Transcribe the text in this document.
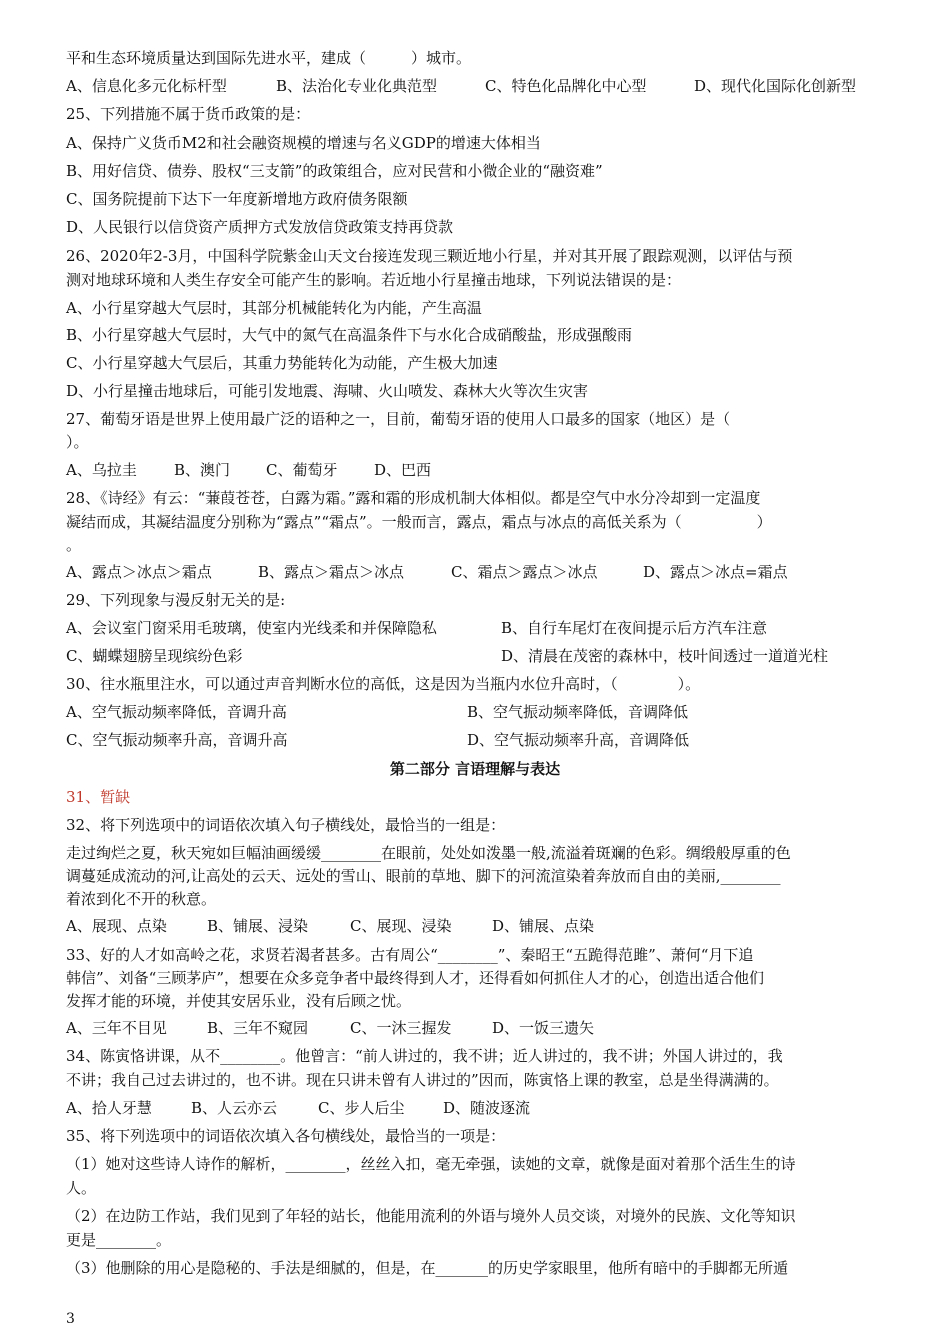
平和生态环境质量达到国际先进水平，建成（　　　）城市。
A、信息化多元化标杆型	B、法治化专业化典范型	C、特色化品牌化中心型	D、现代化国际化创新型
25、下列措施不属于货币政策的是：
A、保持广义货币M2和社会融资规模的增速与名义GDP的增速大体相当
B、用好信贷、债券、股权“三支箭”的政策组合，应对民营和小微企业的“融资难”
C、国务院提前下达下一年度新增地方政府债务限额
D、人民银行以信贷资产质押方式发放信贷政策支持再贷款
26、2020年2-3月，中国科学院紫金山天文台接连发现三颗近地小行星，并对其开展了跟踪观测，以评估与预
测对地球环境和人类生存安全可能产生的影响。若近地小行星撞击地球，下列说法错误的是：
A、小行星穿越大气层时，其部分机械能转化为内能，产生高温
B、小行星穿越大气层时，大气中的氮气在高温条件下与水化合成硝酸盐，形成强酸雨
C、小行星穿越大气层后，其重力势能转化为动能，产生极大加速
D、小行星撞击地球后，可能引发地震、海啸、火山喷发、森林大火等次生灾害
27、葡萄牙语是世界上使用最广泛的语种之一，目前，葡萄牙语的使用人口最多的国家（地区）是（
）。
A、乌拉圭 B、澳门 C、葡萄牙 D、巴西
28、《诗经》有云：“蒹葭苍苍，白露为霜。”露和霜的形成机制大体相似。都是空气中水分冷却到一定温度
凝结而成，其凝结温度分别称为“露点”“霜点”。一般而言，露点，霜点与冰点的高低关系为（　　　　　）
。
A、露点＞冰点＞霜点	B、露点＞霜点＞冰点	C、霜点＞露点＞冰点	D、露点＞冰点=霜点
29、下列现象与漫反射无关的是:
A、会议室门窗采用毛玻璃，使室内光线柔和并保障隐私	B、自行车尾灯在夜间提示后方汽车注意
C、蝴蝶翅膀呈现缤纷色彩	D、清晨在茂密的森林中，枝叶间透过一道道光柱
30、往水瓶里注水，可以通过声音判断水位的高低，这是因为当瓶内水位升高时，（　　　　）。
A、空气振动频率降低，音调升高	B、空气振动频率降低，音调降低
C、空气振动频率升高，音调升高	D、空气振动频率升高，音调降低
第二部分 言语理解与表达
31、暂缺
32、将下列选项中的词语依次填入句子横线处，最恰当的一组是：
走过绚烂之夏，秋天宛如巨幅油画缓缓________在眼前，处处如泼墨一般,流溢着斑斓的色彩。绸缎般厚重的色
调蔓延成流动的河,让高处的云天、远处的雪山、眼前的草地、脚下的河流渲染着奔放而自由的美丽,________
着浓到化不开的秋意。
A、展现、点染	B、铺展、浸染	C、展现、浸染	D、铺展、点染
33、好的人才如高岭之花，求贤若渴者甚多。古有周公“________”、秦昭王“五跪得范雎”、萧何“月下追
韩信”、刘备“三顾茅庐”，想要在众多竞争者中最终得到人才，还得看如何抓住人才的心，创造出适合他们
发挥才能的环境，并使其安居乐业，没有后顾之忧。
A、三年不目见	B、三年不窥园	C、一沐三握发	D、一饭三遗矢
34、陈寅恪讲课，从不________。他曾言：“前人讲过的，我不讲；近人讲过的，我不讲；外国人讲过的，我
不讲；我自己过去讲过的，也不讲。现在只讲未曾有人讲过的”因而，陈寅恪上课的教室，总是坐得满满的。
A、拾人牙慧	B、人云亦云	C、步人后尘	D、随波逐流
35、将下列选项中的词语依次填入各句横线处，最恰当的一项是：
（1）她对这些诗人诗作的解析，________，丝丝入扣，毫无牵强，读她的文章，就像是面对着那个活生生的诗
人。
（2）在边防工作站，我们见到了年轻的站长，他能用流利的外语与境外人员交谈，对境外的民族、文化等知识
更是________。
（3）他删除的用心是隐秘的、手法是细腻的，但是，在_______的历史学家眼里，他所有暗中的手脚都无所遁
3
